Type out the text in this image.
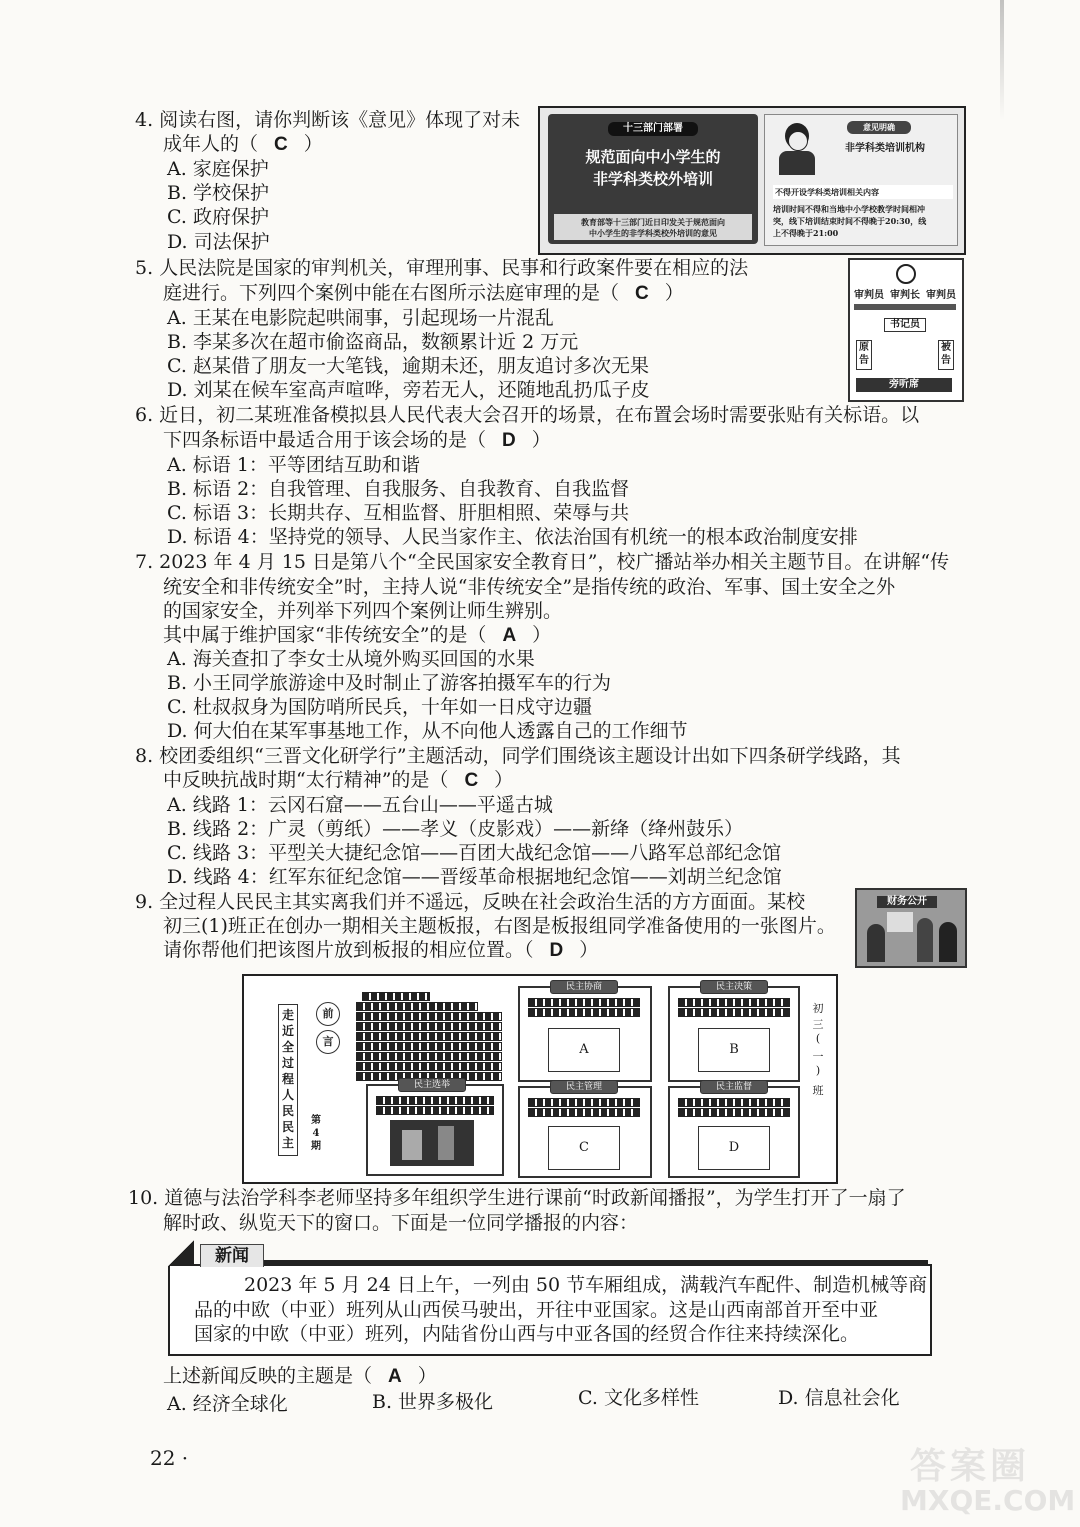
4. 阅读右图，请你判断该《意见》体现了对未
成年人的（ C ）
A. 家庭保护
B. 学校保护
C. 政府保护
D. 司法保护
十三部门部署
规范面向中小学生的
非学科类校外培训
教育部等十三部门近日印发关于规范面向
中小学生的非学科类校外培训的意见
意见明确
非学科类培训机构
不得开设学科类培训相关内容
培训时间不得和当地中小学校教学时间相冲
突，线下培训结束时间不得晚于20:30，线
上不得晚于21:00
5. 人民法院是国家的审判机关，审理刑事、民事和行政案件要在相应的法
庭进行。下列四个案例中能在右图所示法庭审理的是（ C ）
A. 王某在电影院起哄闹事，引起现场一片混乱
B. 李某多次在超市偷盗商品，数额累计近 2 万元
C. 赵某借了朋友一大笔钱，逾期未还，朋友追讨多次无果
D. 刘某在候车室高声喧哗，旁若无人，还随地乱扔瓜子皮
审判员 审判长 审判员
书记员
原告
被告
旁听席
6. 近日，初二某班准备模拟县人民代表大会召开的场景，在布置会场时需要张贴有关标语。以
下四条标语中最适合用于该会场的是（ D ）
A. 标语 1：平等团结互助和谐
B. 标语 2：自我管理、自我服务、自我教育、自我监督
C. 标语 3：长期共存、互相监督、肝胆相照、荣辱与共
D. 标语 4：坚持党的领导、人民当家作主、依法治国有机统一的根本政治制度安排
7. 2023 年 4 月 15 日是第八个“全民国家安全教育日”，校广播站举办相关主题节目。在讲解“传
统安全和非传统安全”时，主持人说“非传统安全”是指传统的政治、军事、国土安全之外
的国家安全，并列举下列四个案例让师生辨别。
其中属于维护国家“非传统安全”的是（ A ）
A. 海关查扣了李女士从境外购买回国的水果
B. 小王同学旅游途中及时制止了游客拍摄军车的行为
C. 杜叔叔身为国防哨所民兵，十年如一日戍守边疆
D. 何大伯在某军事基地工作，从不向他人透露自己的工作细节
8. 校团委组织“三晋文化研学行”主题活动，同学们围绕该主题设计出如下四条研学线路，其
中反映抗战时期“太行精神”的是（ C ）
A. 线路 1：云冈石窟——五台山——平遥古城
B. 线路 2：广灵（剪纸）——孝义（皮影戏）——新绛（绛州鼓乐）
C. 线路 3：平型关大捷纪念馆——百团大战纪念馆——八路军总部纪念馆
D. 线路 4：红军东征纪念馆——晋绥革命根据地纪念馆——刘胡兰纪念馆
9. 全过程人民民主其实离我们并不遥远，反映在社会政治生活的方方面面。某校
初三(1)班正在创办一期相关主题板报，右图是板报组同学准备使用的一张图片。
请你帮他们把该图片放到板报的相应位置。（ D ）
财务公开
走
近
全
过
程
人
民
民
主
第4期
前
言
民主选举
民主协商
A
民主决策
B
民主管理
C
民主监督
D
初
三
(
一
)
班
10. 道德与法治学科李老师坚持多年组织学生进行课前“时政新闻播报”，为学生打开了一扇了
解时政、纵览天下的窗口。下面是一位同学播报的内容：
新闻
2023 年 5 月 24 日上午，一列由 50 节车厢组成，满载汽车配件、制造机械等商
品的中欧（中亚）班列从山西侯马驶出，开往中亚国家。这是山西南部首开至中亚
国家的中欧（中亚）班列，内陆省份山西与中亚各国的经贸合作往来持续深化。
上述新闻反映的主题是（ A ）
A. 经济全球化	B. 世界多极化	C. 文化多样性	D. 信息社会化
22 ·	答案圈
MXQE.COM
